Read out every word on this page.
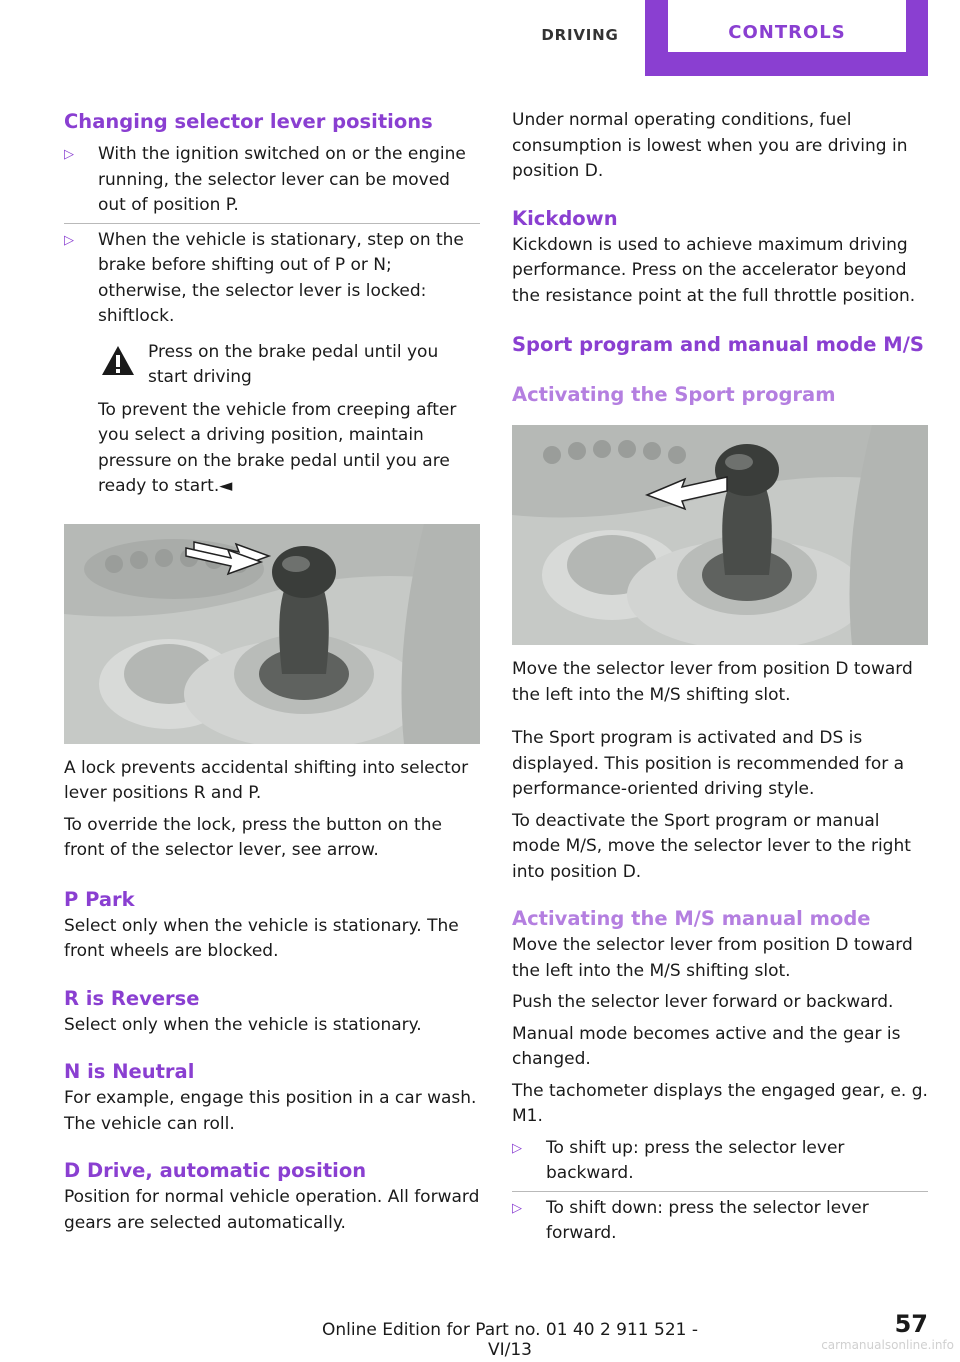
DRIVING	CONTROLS
Changing selector lever positions
▷ With the ignition switched on or the engine running, the selector lever can be moved out of position P.
▷ When the vehicle is stationary, step on the brake before shifting out of P or N; otherwise, the selector lever is locked: shiftlock.
Press on the brake pedal until you start driving

To prevent the vehicle from creeping after you select a driving position, maintain pressure on the brake pedal until you are ready to start.◄

A lock prevents accidental shifting into selector lever positions R and P.

To override the lock, press the button on the front of the selector lever, see arrow.

P Park

Select only when the vehicle is stationary. The front wheels are blocked.

R is Reverse

Select only when the vehicle is stationary.

N is Neutral

For example, engage this position in a car wash. The vehicle can roll.

D Drive, automatic position

Position for normal vehicle operation. All forward gears are selected automatically.

Under normal operating conditions, fuel consumption is lowest when you are driving in position D.

Kickdown

Kickdown is used to achieve maximum driving performance. Press on the accelerator beyond the resistance point at the full throttle position.

Sport program and manual mode M/S
Activating the Sport program

Move the selector lever from position D toward the left into the M/S shifting slot.

The Sport program is activated and DS is displayed. This position is recommended for a performance-oriented driving style.

To deactivate the Sport program or manual mode M/S, move the selector lever to the right into position D.

Activating the M/S manual mode

Move the selector lever from position D toward the left into the M/S shifting slot.

Push the selector lever forward or backward.

Manual mode becomes active and the gear is changed.

The tachometer displays the engaged gear, e. g. M1.

▷ To shift up: press the selector lever backward.
▷ To shift down: press the selector lever forward.
Online Edition for Part no. 01 40 2 911 521 - VI/13
57
carmanualsonline.info
